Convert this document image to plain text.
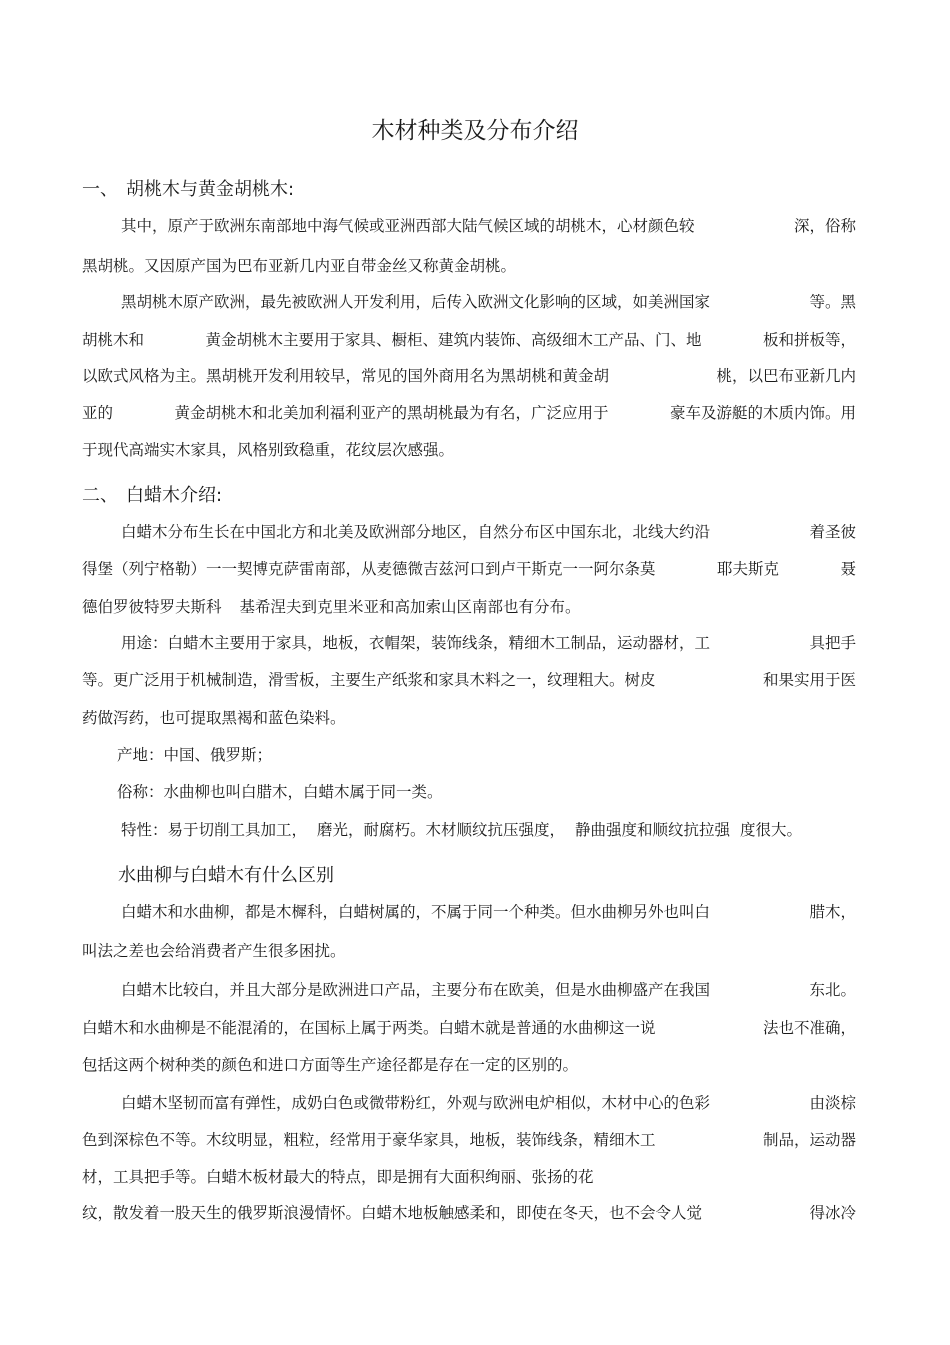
木材种类及分布介绍
一、 胡桃木与黄金胡桃木:

其中，原产于欧洲东南部地中海气候或亚洲西部大陆气候区域的胡桃木，心材颜色较	深，俗称

黑胡桃。又因原产国为巴布亚新几内亚自带金丝又称黄金胡桃。

黑胡桃木原产欧洲，最先被欧洲人开发利用，后传入欧洲文化影响的区域，如美洲国家	等。黑

胡桃木和	黄金胡桃木主要用于家具、橱柜、建筑内装饰、高级细木工产品、门、地	板和拼板等，

以欧式风格为主。黑胡桃开发利用较早，常见的国外商用名为黑胡桃和黄金胡	桃，以巴布亚新几内

亚的	黄金胡桃木和北美加利福利亚产的黑胡桃最为有名，广泛应用于	豪车及游艇的木质内饰。用

于现代高端实木家具，风格别致稳重，花纹层次感强。

二、 白蜡木介绍:

白蜡木分布生长在中国北方和北美及欧洲部分地区，自然分布区中国东北，北线大约沿	着圣彼

得堡（列宁格勒）一一契博克萨雷南部，从麦德微吉兹河口到卢干斯克一一阿尔条莫	耶夫斯克	聂

德伯罗彼特罗夫斯科 基希涅夫到克里米亚和高加索山区南部也有分布。

用途：白蜡木主要用于家具，地板，衣帽架，装饰线条，精细木工制品，运动器材，工	具把手

等。更广泛用于机械制造，滑雪板，主要生产纸浆和家具木料之一，纹理粗大。树皮	和果实用于医

药做泻药，也可提取黑褐和蓝色染料。

产地：中国、俄罗斯；

俗称：水曲柳也叫白腊木，白蜡木属于同一类。

特性：易于切削工具加工， 磨光，耐腐朽。木材顺纹抗压强度， 静曲强度和顺纹抗拉强 度很大。

水曲柳与白蜡木有什么区别

白蜡木和水曲柳，都是木樨科，白蜡树属的，不属于同一个种类。但水曲柳另外也叫白	腊木，

叫法之差也会给消费者产生很多困扰。

白蜡木比较白，并且大部分是欧洲进口产品，主要分布在欧美，但是水曲柳盛产在我国	东北。

白蜡木和水曲柳是不能混淆的，在国标上属于两类。白蜡木就是普通的水曲柳这一说	法也不准确，

包括这两个树种类的颜色和进口方面等生产途径都是存在一定的区别的。

白蜡木坚韧而富有弹性，成奶白色或微带粉红，外观与欧洲电炉相似，木材中心的色彩	由淡棕

色到深棕色不等。木纹明显，粗粒，经常用于豪华家具，地板，装饰线条，精细木工	制品，运动器

材，工具把手等。白蜡木板材最大的特点，即是拥有大面积绚丽、张扬的花

纹，散发着一股天生的俄罗斯浪漫情怀。白蜡木地板触感柔和，即使在冬天，也不会令人觉	得冰冷
